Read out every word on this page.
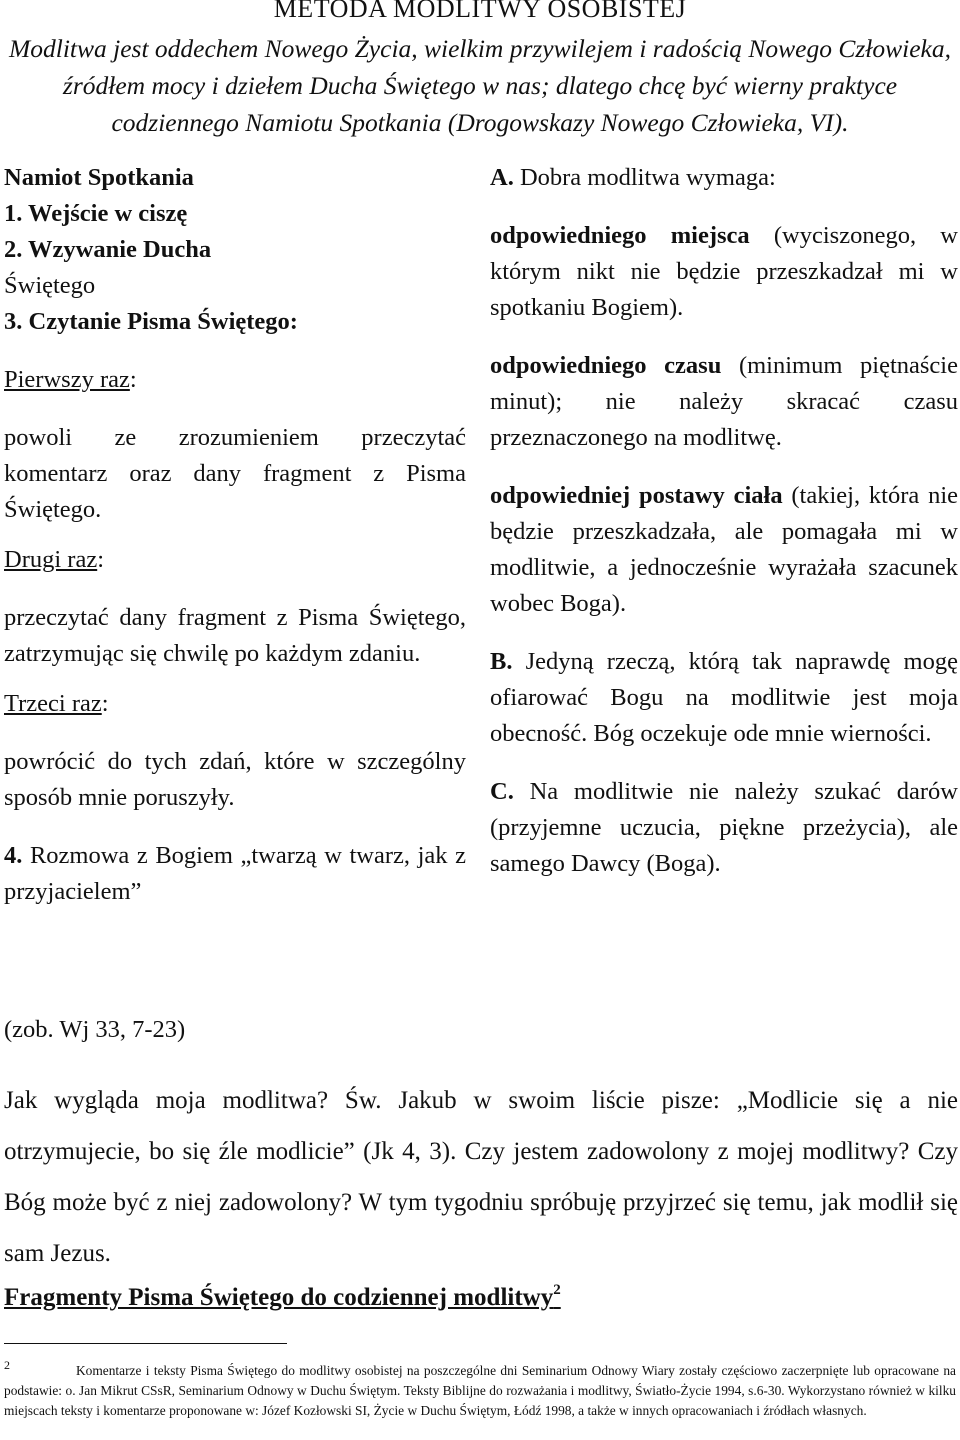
METODA MODLITWY OSOBISTEJ
Modlitwa jest oddechem Nowego Życia, wielkim przywilejem i radością Nowego Człowieka, źródłem mocy i dziełem Ducha Świętego w nas; dlatego chcę być wierny praktyce codziennego Namiotu Spotkania (Drogowskazy Nowego Człowieka, VI).

Namiot Spotkania

1. Wejście w ciszę

2. Wzywanie Ducha

Świętego

3. Czytanie Pisma Świętego:

Pierwszy raz:

powoli ze zrozumieniem przeczytać komentarz oraz dany fragment z Pisma Świętego.

Drugi raz:

przeczytać dany fragment z Pisma Świętego, zatrzymując się chwilę po każdym zdaniu.

Trzeci raz:

powrócić do tych zdań, które w szczególny sposób mnie poruszyły.

4. Rozmowa z Bogiem „twarzą w twarz, jak z przyjacielem”

A. Dobra modlitwa wymaga:

odpowiedniego miejsca (wyciszonego, w którym nikt nie będzie przeszkadzał mi w spotkaniu Bogiem).

odpowiedniego czasu (minimum piętnaście minut); nie należy skracać czasu przeznaczonego na modlitwę.

odpowiedniej postawy ciała (takiej, która nie będzie przeszkadzała, ale pomagała mi w modlitwie, a jednocześnie wyrażała szacunek wobec Boga).

B. Jedyną rzeczą, którą tak naprawdę mogę ofiarować Bogu na modlitwie jest moja obecność. Bóg oczekuje ode mnie wierności.

C. Na modlitwie nie należy szukać darów (przyjemne uczucia, piękne przeżycia), ale samego Dawcy (Boga).

(zob. Wj 33, 7-23)

Jak wygląda moja modlitwa? Św. Jakub w swoim liście pisze: „Modlicie się a nie otrzymujecie, bo się źle modlicie” (Jk 4, 3). Czy jestem zadowolony z mojej modlitwy? Czy Bóg może być z niej zadowolony? W tym tygodniu spróbuję przyjrzeć się temu, jak modlił się sam Jezus.

Fragmenty Pisma Świętego do codziennej modlitwy$^2$

2	Komentarze i teksty Pisma Świętego do modlitwy osobistej na poszczególne dni Seminarium Odnowy Wiary zostały częściowo zaczerpnięte lub opracowane na podstawie: o. Jan Mikrut CSsR, Seminarium Odnowy w Duchu Świętym. Teksty Biblijne do rozważania i modlitwy, Światło-Życie 1994, s.6-30. Wykorzystano również w kilku miejscach teksty i komentarze proponowane w: Józef Kozłowski SI, Życie w Duchu Świętym, Łódź 1998, a także w innych opracowaniach i źródłach własnych.
